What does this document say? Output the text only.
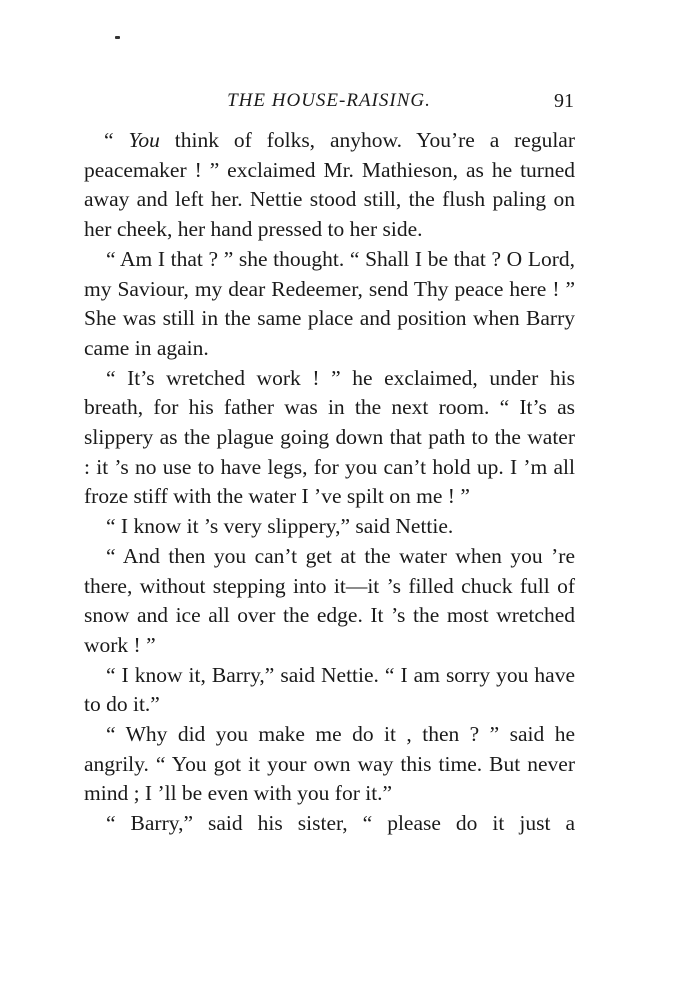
THE HOUSE-RAISING.	91

“ You think of folks, anyhow. You’re a regular peacemaker ! ” exclaimed Mr. Mathieson, as he turned away and left her. Nettie stood still, the flush paling on her cheek, her hand pressed to her side.

“ Am I that ? ” she thought. “ Shall I be that ? O Lord, my Saviour, my dear Redeemer, send Thy peace here ! ” She was still in the same place and position when Barry came in again.

“ It’s wretched work ! ” he exclaimed, under his breath, for his father was in the next room. “ It’s as slippery as the plague going down that path to the water : it ’s no use to have legs, for you can’t hold up. I ’m all froze stiff with the water I ’ve spilt on me ! ”

“ I know it ’s very slippery,” said Nettie.

“ And then you can’t get at the water when you ’re there, without stepping into it—it ’s filled chuck full of snow and ice all over the edge. It ’s the most wretched work ! ”

“ I know it, Barry,” said Nettie. “ I am sorry you have to do it.”

“ Why did you make me do it , then ? ” said he angrily. “ You got it your own way this time. But never mind ; I ’ll be even with you for it.”

“ Barry,” said his sister, “ please do it just a
